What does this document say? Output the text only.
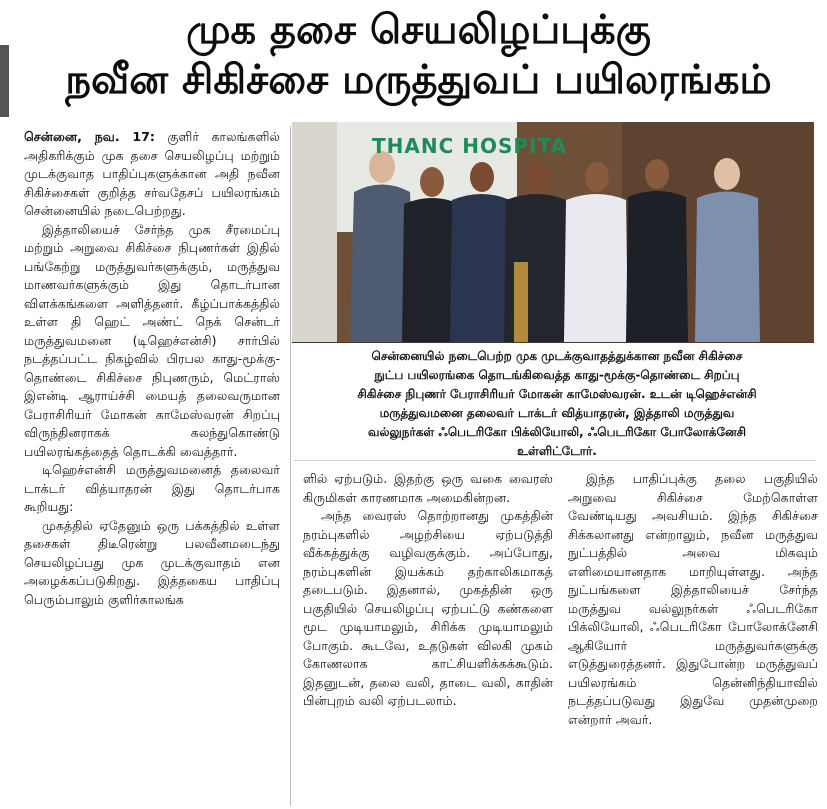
முக தசை செயலிழப்புக்கு
நவீன சிகிச்சை மருத்துவப் பயிலரங்கம்
THANC HOSPITA
சென்னையில் நடைபெற்ற முக முடக்குவாதத்துக்கான நவீன சிகிச்சை
நுட்ப பயிலரங்கை தொடங்கிவைத்த காது-மூக்கு-தொண்டை சிறப்பு
சிகிச்சை நிபுணர் பேராசிரியர் மோகன் காமேஸ்வரன். உடன் டிஹெச்என்சி
மருத்துவமனை தலைவர் டாக்டர் வித்யாதரன், இத்தாலி மருத்துவ
வல்லுநர்கள் ஃபெடரிகோ பிக்லியோலி, ஃபெடரிகோ போலோக்னேசி
உள்ளிட்டோர்.

சென்னை, நவ. 17: குளிர் காலங்களில் அதிகரிக்கும் முக தசை செயலிழப்பு மற்றும் முடக்குவாத பாதிப்புகளுக்கான அதி நவீன சிகிச்சைகள் குறித்த சர்வதேசப் பயிலரங்கம் சென்னையில் நடைபெற்றது.

இத்தாலியைச் சேர்ந்த முக சீரமைப்பு மற்றும் அறுவை சிகிச்சை நிபுணர்கள் இதில் பங்கேற்று மருத்துவர்களுக்கும், மருத்துவ மாணவர்களுக்கும் இது தொடர்பான விளக்கங்களை அளித்தனர். கீழ்ப்பாக்கத்தில் உள்ள தி ஹெட் அண்ட் நெக் சென்டர் மருத்துவமனை (டிஹெச்என்சி) சார்பில் நடத்தப்பட்ட நிகழ்வில் பிரபல காது-மூக்கு-தொண்டை சிகிச்சை நிபுணரும், மெட்ராஸ் இஎன்டி ஆராய்ச்சி மையத் தலைவருமான பேராசிரியர் மோகன் காமேஸ்வரன் சிறப்பு விருந்தினராகக் கலந்துகொண்டு பயிலரங்கத்தைத் தொடக்கி வைத்தார்.

டிஹெச்என்சி மருத்துவமனைத் தலைவர் டாக்டர் வித்யாதரன் இது தொடர்பாக கூறியது:

முகத்தில் ஏதேனும் ஒரு பக்கத்தில் உள்ள தசைகள் திடீரென்று பலவீனமடைந்து செயலிழப்பது முக முடக்குவாதம் என அழைக்கப்படுகிறது. இத்தகைய பாதிப்பு பெரும்பாலும் குளிர்காலங்க

ளில் ஏற்படும். இதற்கு ஒரு வகை வைரஸ் கிருமிகள் காரணமாக அமைகின்றன.

அந்த வைரஸ் தொற்றானது முகத்தின் நரம்புகளில் அழற்சியை ஏற்படுத்தி வீக்கத்துக்கு வழிவகுக்கும். அப்போது, நரம்புகளின் இயக்கம் தற்காலிகமாகத் தடைபடும். இதனால், முகத்தின் ஒரு பகுதியில் செயலிழப்பு ஏற்பட்டு கண்களை மூட முடியாமலும், சிரிக்க முடியாமலும் போகும். கூடவே, உதடுகள் விலகி முகம் கோணலாக காட்சியளிக்கக்கூடும். இதனுடன், தலை வலி, தாடை வலி, காதின் பின்புறம் வலி ஏற்படலாம்.

இந்த பாதிப்புக்கு தலை பகுதியில் அறுவை சிகிச்சை மேற்கொள்ள வேண்டியது அவசியம். இந்த சிகிச்சை சிக்கலானது என்றாலும், நவீன மருத்துவ நுட்பத்தில் அவை மிகவும் எளிமையானதாக மாறியுள்ளது. அந்த நுட்பங்களை இத்தாலியைச் சேர்ந்த மருத்துவ வல்லுநர்கள் ஃபெடரிகோ பிக்லியோலி, ஃபெடரிகோ போலோக்னேசி ஆகியோர் மருத்துவர்களுக்கு எடுத்துரைத்தனர். இதுபோன்ற மருத்துவப் பயிலரங்கம் தென்னிந்தியாவில் நடத்தப்படுவது இதுவே முதன்முறை என்றார் அவர்.
